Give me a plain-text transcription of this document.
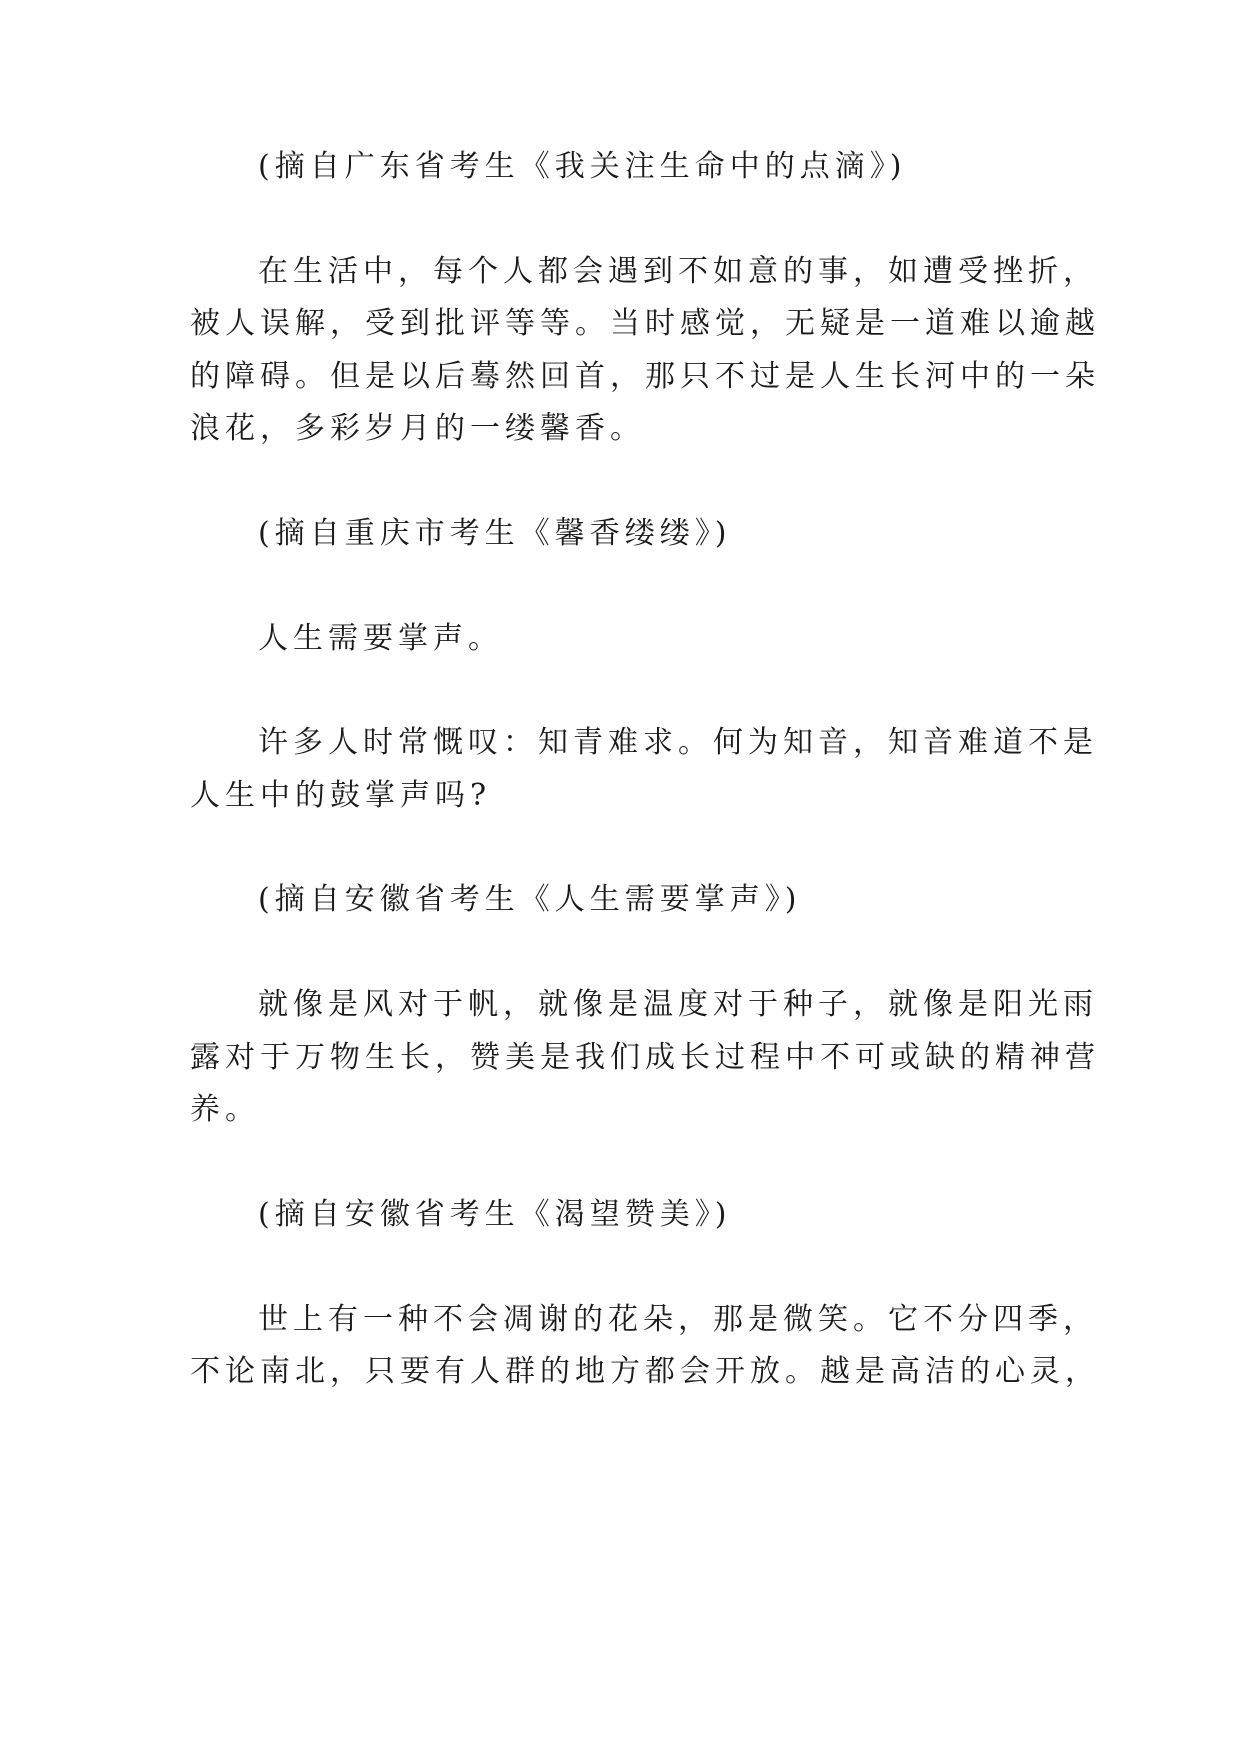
(摘自广东省考生《我关注生命中的点滴》)
在生活中，每个人都会遇到不如意的事，如遭受挫折，
被人误解，受到批评等等。当时感觉，无疑是一道难以逾越
的障碍。但是以后蓦然回首，那只不过是人生长河中的一朵
浪花，多彩岁月的一缕馨香。
(摘自重庆市考生《馨香缕缕》)
人生需要掌声。
许多人时常慨叹：知青难求。何为知音，知音难道不是
人生中的鼓掌声吗?
(摘自安徽省考生《人生需要掌声》)
就像是风对于帆，就像是温度对于种子，就像是阳光雨
露对于万物生长，赞美是我们成长过程中不可或缺的精神营
养。
(摘自安徽省考生《渴望赞美》)
世上有一种不会凋谢的花朵，那是微笑。它不分四季，
不论南北，只要有人群的地方都会开放。越是高洁的心灵，
